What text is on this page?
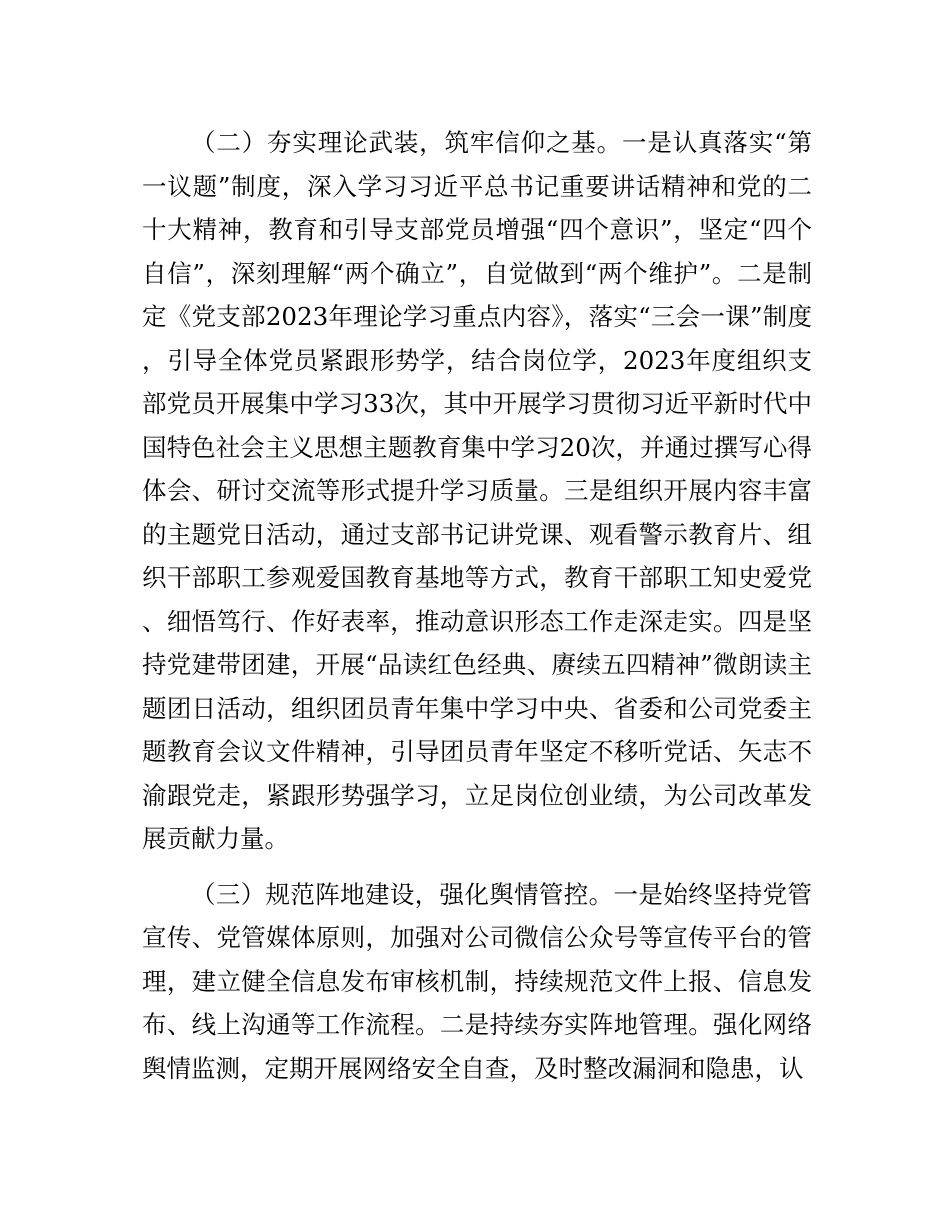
（二）夯实理论武装，筑牢信仰之基。一是认真落实“第一议题”制度，深入学习习近平总书记重要讲话精神和党的二十大精神，教育和引导支部党员增强“四个意识”，坚定“四个自信”，深刻理解“两个确立”，自觉做到“两个维护”。二是制定《党支部2023年理论学习重点内容》，落实“三会一课”制度，引导全体党员紧跟形势学，结合岗位学，2023年度组织支部党员开展集中学习33次，其中开展学习贯彻习近平新时代中国特色社会主义思想主题教育集中学习20次，并通过撰写心得体会、研讨交流等形式提升学习质量。三是组织开展内容丰富的主题党日活动，通过支部书记讲党课、观看警示教育片、组织干部职工参观爱国教育基地等方式，教育干部职工知史爱党、细悟笃行、作好表率，推动意识形态工作走深走实。四是坚持党建带团建，开展“品读红色经典、赓续五四精神”微朗读主题团日活动，组织团员青年集中学习中央、省委和公司党委主题教育会议文件精神，引导团员青年坚定不移听党话、矢志不渝跟党走，紧跟形势强学习，立足岗位创业绩，为公司改革发展贡献力量。

（三）规范阵地建设，强化舆情管控。一是始终坚持党管宣传、党管媒体原则，加强对公司微信公众号等宣传平台的管理，建立健全信息发布审核机制，持续规范文件上报、信息发布、线上沟通等工作流程。二是持续夯实阵地管理。强化网络舆情监测，定期开展网络安全自查，及时整改漏洞和隐患，认
